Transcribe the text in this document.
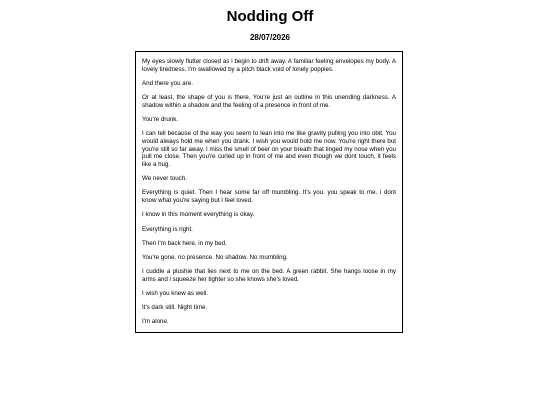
Nodding Off
28/07/2026

My eyes slowly flutter closed as i begin to drift away. A familiar feeling envelopes my body. A lovely tiredness. I'm swallowed by a pitch black void of lonely poppies.

And there you are.

Or at least, the shape of you is there. You're just an outline in this unending darkness. A shadow within a shadow and the feeling of a presence in front of me.

You're drunk.

I can tell because of the way you seem to lean into me like gravity pulling you into obit. You would always hold me when you drank. I wish you would hold me now. You're right there but you're still so far away. I miss the smell of beer on your breath that tinged my nose when you pull me close. Then you're curled up in front of me and even though we dont touch, it feels like a hug.

We never touch.

Everything is quiet. Then I hear some far off mumbling. It's you. you speak to me. i dont know what you're saying but I feel loved.

I know in this moment everything is okay.

Everything is right.

Then I'm back here. in my bed.

You're gone. no presence. No shadow. No mumbling.

I cuddle a plushie that lies next to me on the bed. A green rabbit. She hangs loose in my arms and i squeeze her tighter so she knows she's loved.

I wish you knew as well.

It's dark still. Night time.

I'm alone.
